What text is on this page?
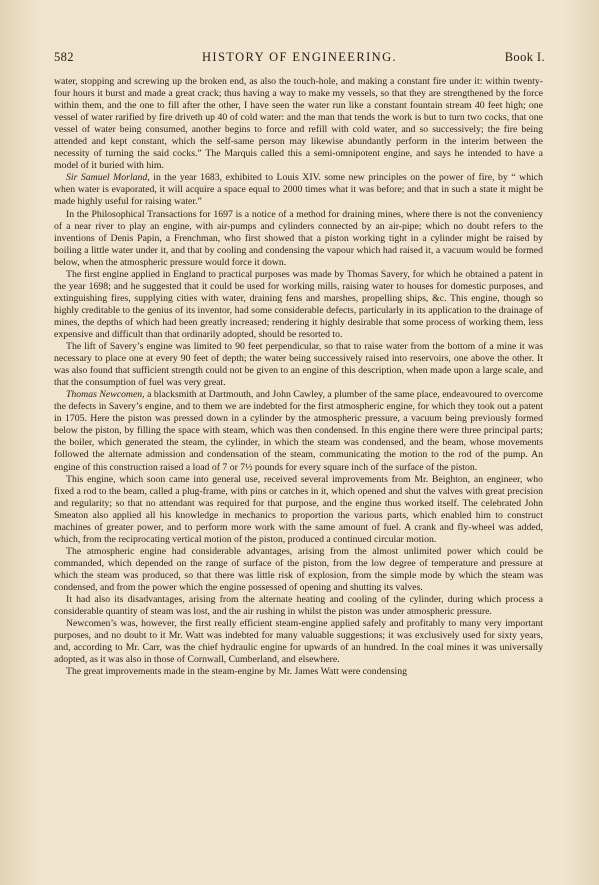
582	HISTORY OF ENGINEERING.	Book I.

water, stopping and screwing up the broken end, as also the touch-hole, and making a constant fire under it: within twenty-four hours it burst and made a great crack; thus having a way to make my vessels, so that they are strengthened by the force within them, and the one to fill after the other, I have seen the water run like a constant fountain stream 40 feet high; one vessel of water rarified by fire driveth up 40 of cold water: and the man that tends the work is but to turn two cocks, that one vessel of water being consumed, another begins to force and refill with cold water, and so successively; the fire being attended and kept constant, which the self-same person may likewise abundantly perform in the interim between the necessity of turning the said cocks.” The Marquis called this a semi-omnipotent engine, and says he intended to have a model of it buried with him.

Sir Samuel Morland, in the year 1683, exhibited to Louis XIV. some new principles on the power of fire, by “ which when water is evaporated, it will acquire a space equal to 2000 times what it was before; and that in such a state it might be made highly useful for raising water.”

In the Philosophical Transactions for 1697 is a notice of a method for draining mines, where there is not the conveniency of a near river to play an engine, with air-pumps and cylinders connected by an air-pipe; which no doubt refers to the inventions of Denis Papin, a Frenchman, who first showed that a piston working tight in a cylinder might be raised by boiling a little water under it, and that by cooling and condensing the vapour which had raised it, a vacuum would be formed below, when the atmospheric pressure would force it down.

The first engine applied in England to practical purposes was made by Thomas Savery, for which he obtained a patent in the year 1698; and he suggested that it could be used for working mills, raising water to houses for domestic purposes, and extinguishing fires, supplying cities with water, draining fens and marshes, propelling ships, &c. This engine, though so highly creditable to the genius of its inventor, had some considerable defects, particularly in its application to the drainage of mines, the depths of which had been greatly increased; rendering it highly desirable that some process of working them, less expensive and difficult than that ordinarily adopted, should be resorted to.

The lift of Savery’s engine was limited to 90 feet perpendicular, so that to raise water from the bottom of a mine it was necessary to place one at every 90 feet of depth; the water being successively raised into reservoirs, one above the other. It was also found that sufficient strength could not be given to an engine of this description, when made upon a large scale, and that the consumption of fuel was very great.

Thomas Newcomen, a blacksmith at Dartmouth, and John Cawley, a plumber of the same place, endeavoured to overcome the defects in Savery’s engine, and to them we are indebted for the first atmospheric engine, for which they took out a patent in 1705. Here the piston was pressed down in a cylinder by the atmospheric pressure, a vacuum being previously formed below the piston, by filling the space with steam, which was then condensed. In this engine there were three principal parts; the boiler, which generated the steam, the cylinder, in which the steam was condensed, and the beam, whose movements followed the alternate admission and condensation of the steam, communicating the motion to the rod of the pump. An engine of this construction raised a load of 7 or 7½ pounds for every square inch of the surface of the piston.

This engine, which soon came into general use, received several improvements from Mr. Beighton, an engineer, who fixed a rod to the beam, called a plug-frame, with pins or catches in it, which opened and shut the valves with great precision and regularity; so that no attendant was required for that purpose, and the engine thus worked itself. The celebrated John Smeaton also applied all his knowledge in mechanics to proportion the various parts, which enabled him to construct machines of greater power, and to perform more work with the same amount of fuel. A crank and fly-wheel was added, which, from the reciprocating vertical motion of the piston, produced a continued circular motion.

The atmospheric engine had considerable advantages, arising from the almost unlimited power which could be commanded, which depended on the range of surface of the piston, from the low degree of temperature and pressure at which the steam was produced, so that there was little risk of explosion, from the simple mode by which the steam was condensed, and from the power which the engine possessed of opening and shutting its valves.

It had also its disadvantages, arising from the alternate heating and cooling of the cylinder, during which process a considerable quantity of steam was lost, and the air rushing in whilst the piston was under atmospheric pressure.

Newcomen’s was, however, the first really efficient steam-engine applied safely and profitably to many very important purposes, and no doubt to it Mr. Watt was indebted for many valuable suggestions; it was exclusively used for sixty years, and, according to Mr. Carr, was the chief hydraulic engine for upwards of an hundred. In the coal mines it was universally adopted, as it was also in those of Cornwall, Cumberland, and elsewhere.

The great improvements made in the steam-engine by Mr. James Watt were condensing
